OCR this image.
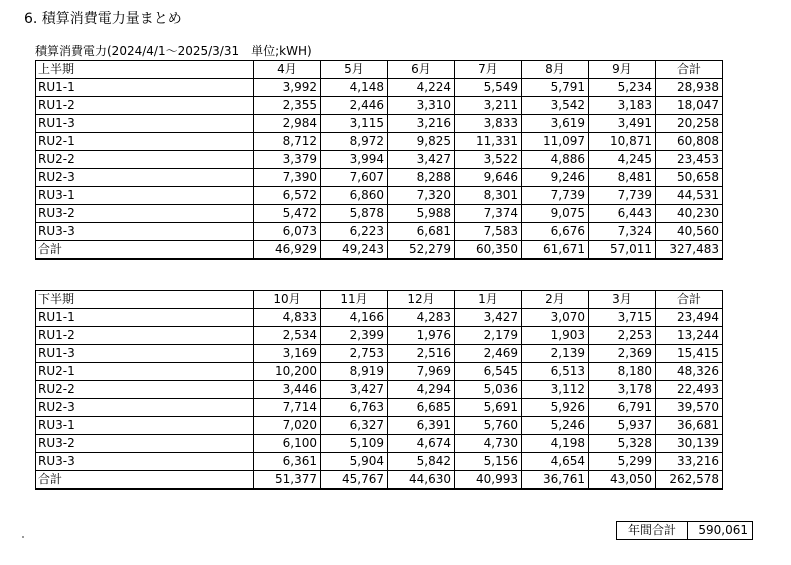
6. 積算消費電力量まとめ
積算消費電力(2024/4/1～2025/3/31　単位;kWH)
上半期	4月	5月	6月	7月	8月	9月	合計
RU1-1	3,992	4,148	4,224	5,549	5,791	5,234	28,938
RU1-2	2,355	2,446	3,310	3,211	3,542	3,183	18,047
RU1-3	2,984	3,115	3,216	3,833	3,619	3,491	20,258
RU2-1	8,712	8,972	9,825	11,331	11,097	10,871	60,808
RU2-2	3,379	3,994	3,427	3,522	4,886	4,245	23,453
RU2-3	7,390	7,607	8,288	9,646	9,246	8,481	50,658
RU3-1	6,572	6,860	7,320	8,301	7,739	7,739	44,531
RU3-2	5,472	5,878	5,988	7,374	9,075	6,443	40,230
RU3-3	6,073	6,223	6,681	7,583	6,676	7,324	40,560
合計	46,929	49,243	52,279	60,350	61,671	57,011	327,483
下半期	10月	11月	12月	1月	2月	3月	合計
RU1-1	4,833	4,166	4,283	3,427	3,070	3,715	23,494
RU1-2	2,534	2,399	1,976	2,179	1,903	2,253	13,244
RU1-3	3,169	2,753	2,516	2,469	2,139	2,369	15,415
RU2-1	10,200	8,919	7,969	6,545	6,513	8,180	48,326
RU2-2	3,446	3,427	4,294	5,036	3,112	3,178	22,493
RU2-3	7,714	6,763	6,685	5,691	5,926	6,791	39,570
RU3-1	7,020	6,327	6,391	5,760	5,246	5,937	36,681
RU3-2	6,100	5,109	4,674	4,730	4,198	5,328	30,139
RU3-3	6,361	5,904	5,842	5,156	4,654	5,299	33,216
合計	51,377	45,767	44,630	40,993	36,761	43,050	262,578
年間合計	590,061
